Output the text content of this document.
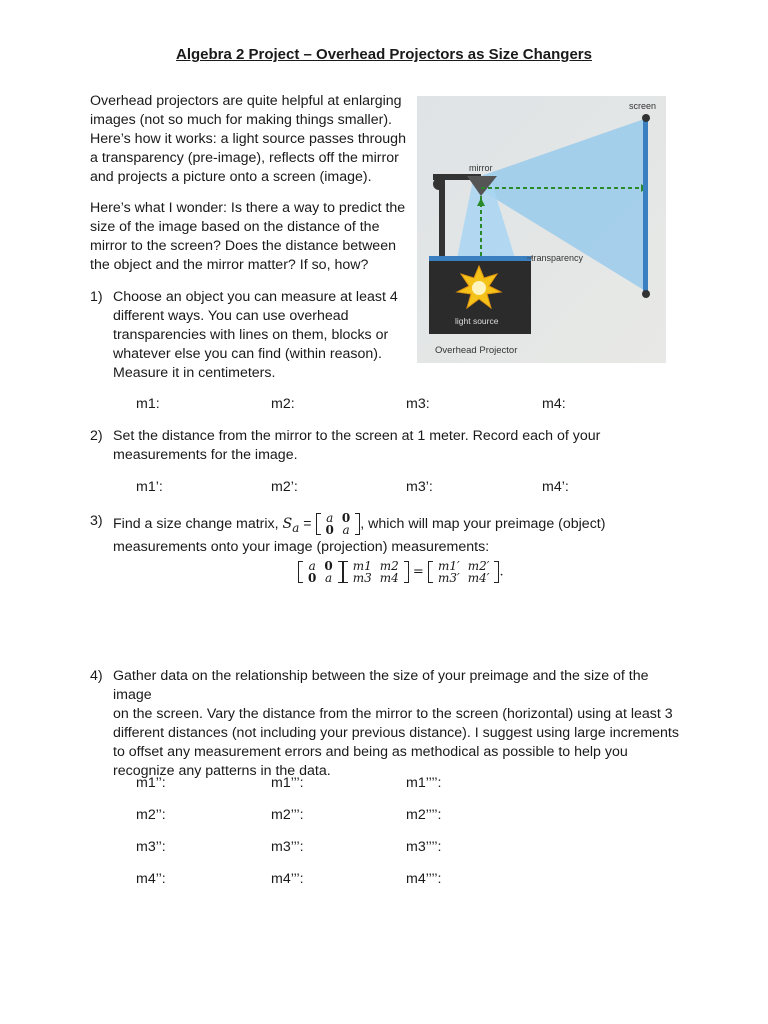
Algebra 2 Project – Overhead Projectors as Size Changers

Overhead projectors are quite helpful at enlarging
images (not so much for making things smaller).
Here’s how it works: a light source passes through
a transparency (pre-image), reflects off the mirror
and projects a picture onto a screen (image).

Here’s what I wonder: Is there a way to predict the
size of the image based on the distance of the
mirror to the screen? Does the distance between
the object and the mirror matter? If so, how?

screen
mirror
transparency
light source
Overhead Projector
1) Choose an object you can measure at least 4
different ways. You can use overhead
transparencies with lines on them, blocks or
whatever else you can find (within reason).
Measure it in centimeters.
m1:	m2:	m3:	m4:
2) Set the distance from the mirror to the screen at 1 meter. Record each of your
measurements for the image.
m1’:	m2’:	m3’:	m4’:
3) Find a size change matrix, $S_a = a$	0
0	a , which will map your preimage (object)
measurements onto your image (projection) measurements:
a	0
0	a
m1	m2
m3	m4 = m1′	m2′
m3′	m4′ .
4) Gather data on the relationship between the size of your preimage and the size of the image
on the screen. Vary the distance from the mirror to the screen (horizontal) using at least 3
different distances (not including your previous distance). I suggest using large increments
to offset any measurement errors and being as methodical as possible to help you
recognize any patterns in the data.
m1’’:	m1’’’:	m1’’’’:
m2’’:	m2’’’:	m2’’’’:
m3’’:	m3’’’:	m3’’’’:
m4’’:	m4’’’:	m4’’’’:
